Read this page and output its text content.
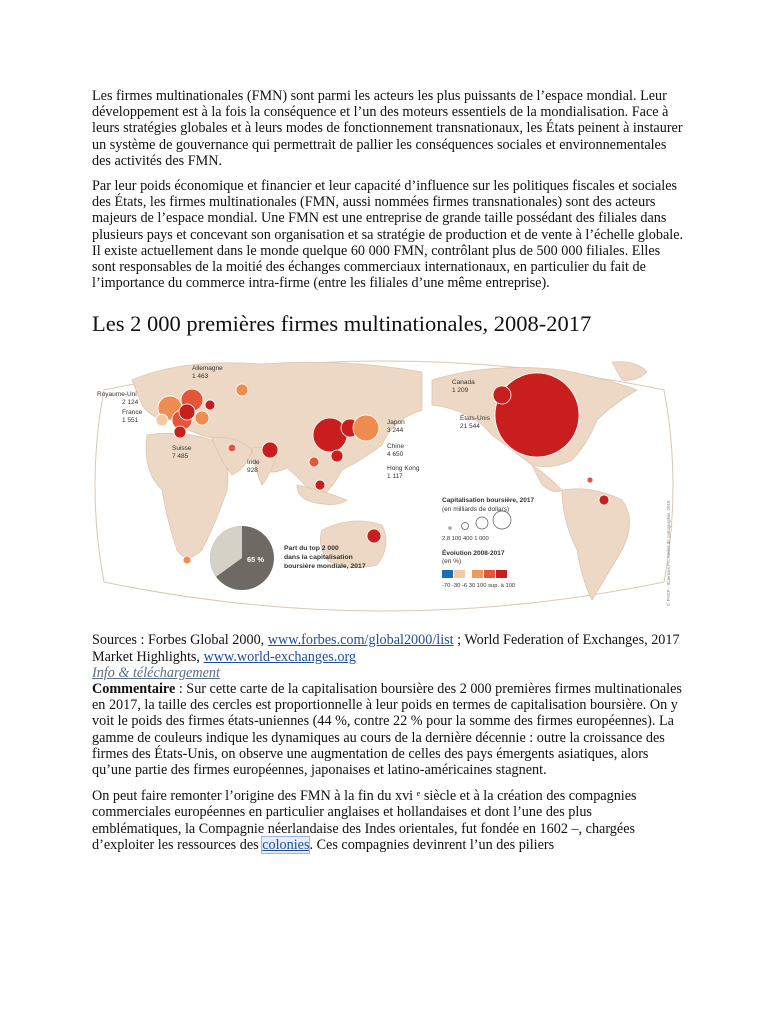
Les firmes multinationales (FMN) sont parmi les acteurs les plus puissants de l’espace mondial. Leur développement est à la fois la conséquence et l’un des moteurs essentiels de la mondialisation. Face à leurs stratégies globales et à leurs modes de fonctionnement transnationaux, les États peinent à instaurer un système de gouvernance qui permettrait de pallier les conséquences sociales et environnementales des activités des FMN.

Par leur poids économique et financier et leur capacité d’influence sur les politiques fiscales et sociales des États, les firmes multinationales (FMN, aussi nommées firmes transnationales) sont des acteurs majeurs de l’espace mondial. Une FMN est une entreprise de grande taille possédant des filiales dans plusieurs pays et concevant son organisation et sa stratégie de production et de vente à l’échelle globale. Il existe actuellement dans le monde quelque 60 000 FMN, contrôlant plus de 500 000 filiales. Elles sont responsables de la moitié des échanges commerciaux internationaux, en particulier du fait de l’importance du commerce intra-firme (entre les filiales d’une même entreprise).

Les 2 000 premières firmes multinationales, 2008-2017
Allemagne
1 463
Royaume-Uni
2 124
France
1 551
Suisse
7 485
Inde
928
Japon
3 244
Chine
4 650
Hong Kong
1 117
Canada
1 209
États-Unis
21 544
65 %
Part du top 2 000
dans la capitalisation
boursière mondiale, 2017
Capitalisation boursière, 2017
(en milliards de dollars)
2,8 100 400 1 000
Évolution 2008-2017
(en %)
-70 -30 -6 30 100 sup. à 100	© FNSP · Sciences Po, Atelier de cartographie, 2018

Sources : Forbes Global 2000, www.forbes.com/global2000/list ; World Federation of Exchanges, 2017 Market Highlights, www.world-exchanges.org

Info & téléchargement

Commentaire : Sur cette carte de la capitalisation boursière des 2 000 premières firmes multinationales en 2017, la taille des cercles est proportionnelle à leur poids en termes de capitalisation boursière. On y voit le poids des firmes états-uniennes (44 %, contre 22 % pour la somme des firmes européennes). La gamme de couleurs indique les dynamiques au cours de la dernière décennie : outre la croissance des firmes des États-Unis, on observe une augmentation de celles des pays émergents asiatiques, alors qu’une partie des firmes européennes, japonaises et latino-américaines stagnent.

On peut faire remonter l’origine des FMN à la fin du xvi ᵉ siècle et à la création des compagnies commerciales européennes en particulier anglaises et hollandaises et dont l’une des plus emblématiques, la Compagnie néerlandaise des Indes orientales, fut fondée en 1602 –, chargées d’exploiter les ressources des colonies. Ces compagnies devinrent l’un des piliers
